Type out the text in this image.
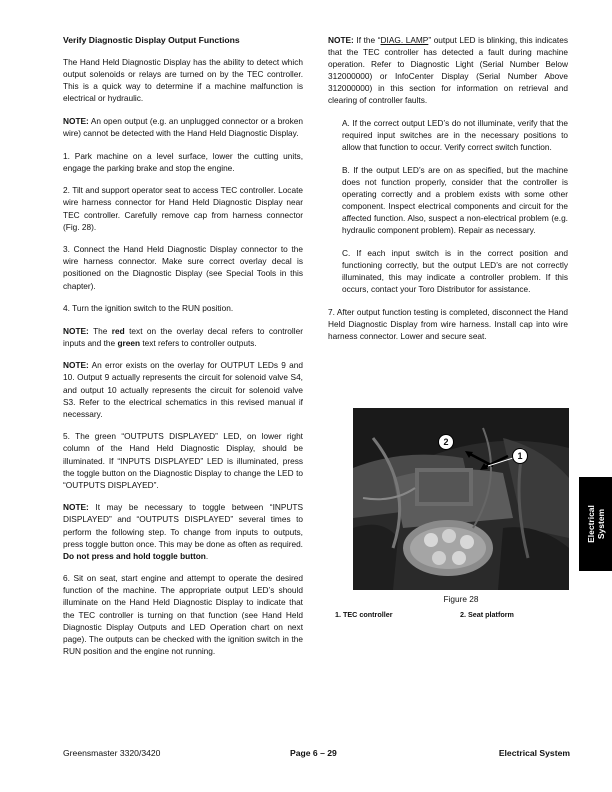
Verify Diagnostic Display Output Functions

The Hand Held Diagnostic Display has the ability to detect which output solenoids or relays are turned on by the TEC controller. This is a quick way to determine if a machine malfunction is electrical or hydraulic.

NOTE: An open output (e.g. an unplugged connector or a broken wire) cannot be detected with the Hand Held Diagnostic Display.

1. Park machine on a level surface, lower the cutting units, engage the parking brake and stop the engine.

2. Tilt and support operator seat to access TEC controller. Locate wire harness connector for Hand Held Diagnostic Display near TEC controller. Carefully remove cap from harness connector (Fig. 28).

3. Connect the Hand Held Diagnostic Display connector to the wire harness connector. Make sure correct overlay decal is positioned on the Diagnostic Display (see Special Tools in this chapter).

4. Turn the ignition switch to the RUN position.

NOTE: The red text on the overlay decal refers to controller inputs and the green text refers to controller outputs.

NOTE: An error exists on the overlay for OUTPUT LEDs 9 and 10. Output 9 actually represents the circuit for solenoid valve S4, and output 10 actually represents the circuit for solenoid valve S3. Refer to the electrical schematics in this revised manual if necessary.

5. The green “OUTPUTS DISPLAYED” LED, on lower right column of the Hand Held Diagnostic Display, should be illuminated. If “INPUTS DISPLAYED” LED is illuminated, press the toggle button on the Diagnostic Display to change the LED to “OUTPUTS DISPLAYED”.

NOTE: It may be necessary to toggle between “INPUTS DISPLAYED” and “OUTPUTS DISPLAYED” several times to perform the following step. To change from inputs to outputs, press toggle button once. This may be done as often as required. Do not press and hold toggle button.

6. Sit on seat, start engine and attempt to operate the desired function of the machine. The appropriate output LED’s should illuminate on the Hand Held Diagnostic Display to indicate that the TEC controller is turning on that function (see Hand Held Diagnostic Display Outputs and LED Operation chart on next page). The outputs can be checked with the ignition switch in the RUN position and the engine not running.

NOTE: If the “DIAG. LAMP” output LED is blinking, this indicates that the TEC controller has detected a fault during machine operation. Refer to Diagnostic Light (Serial Number Below 312000000) or InfoCenter Display (Serial Number Above 312000000) in this section for information on retrieval and clearing of controller faults.

A. If the correct output LED’s do not illuminate, verify that the required input switches are in the necessary positions to allow that function to occur. Verify correct switch function.

B. If the output LED’s are on as specified, but the machine does not function properly, consider that the controller is operating correctly and a problem exists with some other component. Inspect electrical components and circuit for the affected function. Also, suspect a non-electrical problem (e.g. hydraulic component problem). Repair as necessary.

C. If each input switch is in the correct position and functioning correctly, but the output LED’s are not correctly illuminated, this may indicate a controller problem. If this occurs, contact your Toro Distributor for assistance.

7. After output function testing is completed, disconnect the Hand Held Diagnostic Display from wire harness. Install cap into wire harness connector. Lower and secure seat.

2
1
Figure 28
1. TEC controller	2. Seat platform
Electrical System
Greensmaster 3320/3420	Page 6 – 29	Electrical System
